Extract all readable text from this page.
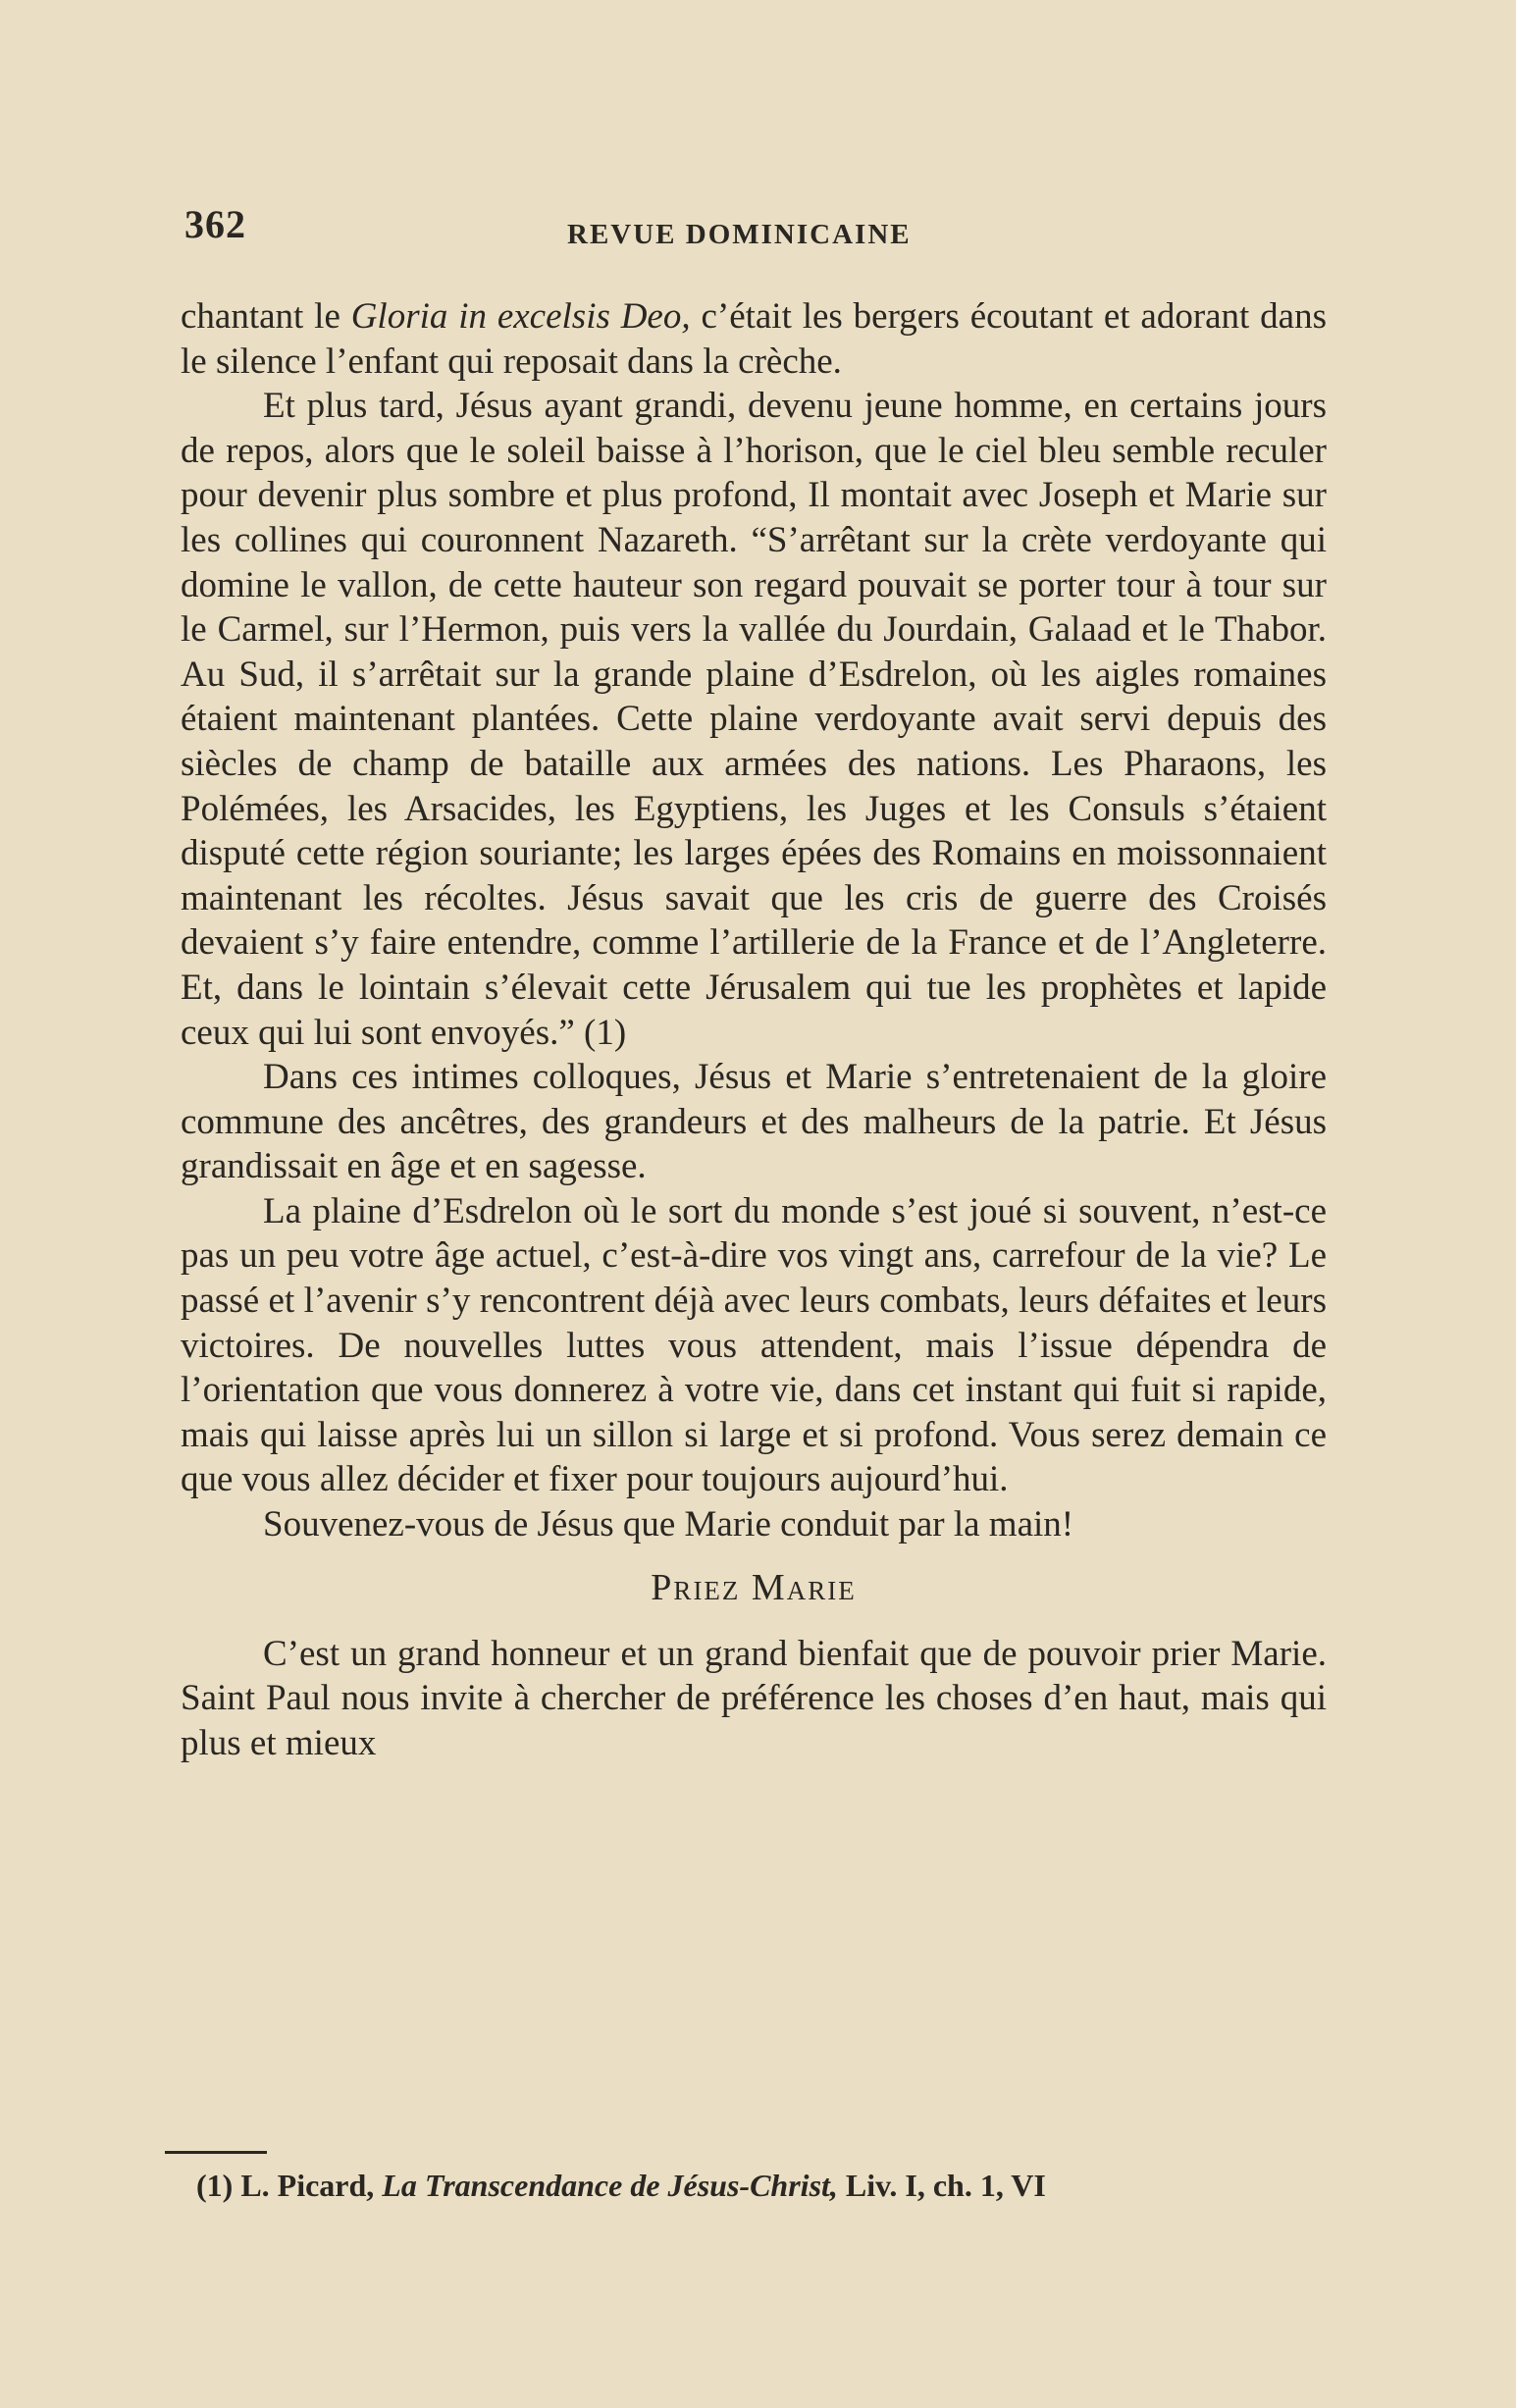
362	REVUE DOMINICAINE

chantant le Gloria in excelsis Deo, c’était les bergers écoutant et adorant dans le silence l’enfant qui reposait dans la crèche.

Et plus tard, Jésus ayant grandi, devenu jeune homme, en certains jours de repos, alors que le soleil baisse à l’horison, que le ciel bleu semble reculer pour devenir plus sombre et plus profond, Il montait avec Joseph et Marie sur les collines qui couronnent Nazareth. “S’arrêtant sur la crète verdoyante qui domine le vallon, de cette hauteur son regard pouvait se porter tour à tour sur le Carmel, sur l’Hermon, puis vers la vallée du Jourdain, Galaad et le Thabor. Au Sud, il s’arrêtait sur la grande plaine d’Esdrelon, où les aigles romaines étaient maintenant plantées. Cette plaine verdoyante avait servi depuis des siècles de champ de bataille aux armées des nations. Les Pharaons, les Polémées, les Arsacides, les Egyptiens, les Juges et les Consuls s’étaient disputé cette région souriante; les larges épées des Romains en moissonnaient maintenant les récoltes. Jésus savait que les cris de guerre des Croisés devaient s’y faire entendre, comme l’artillerie de la France et de l’Angleterre. Et, dans le lointain s’élevait cette Jérusalem qui tue les prophètes et lapide ceux qui lui sont envoyés.” (1)

Dans ces intimes colloques, Jésus et Marie s’entretenaient de la gloire commune des ancêtres, des grandeurs et des malheurs de la patrie. Et Jésus grandissait en âge et en sagesse.

La plaine d’Esdrelon où le sort du monde s’est joué si souvent, n’est-ce pas un peu votre âge actuel, c’est-à-dire vos vingt ans, carrefour de la vie? Le passé et l’avenir s’y rencontrent déjà avec leurs combats, leurs défaites et leurs victoires. De nouvelles luttes vous attendent, mais l’issue dépendra de l’orientation que vous donnerez à votre vie, dans cet instant qui fuit si rapide, mais qui laisse après lui un sillon si large et si profond. Vous serez demain ce que vous allez décider et fixer pour toujours aujourd’hui.

Souvenez-vous de Jésus que Marie conduit par la main!

Priez Marie

C’est un grand honneur et un grand bienfait que de pouvoir prier Marie. Saint Paul nous invite à chercher de préférence les choses d’en haut, mais qui plus et mieux

(1) L. Picard, La Transcendance de Jésus-Christ, Liv. I, ch. 1, VI
